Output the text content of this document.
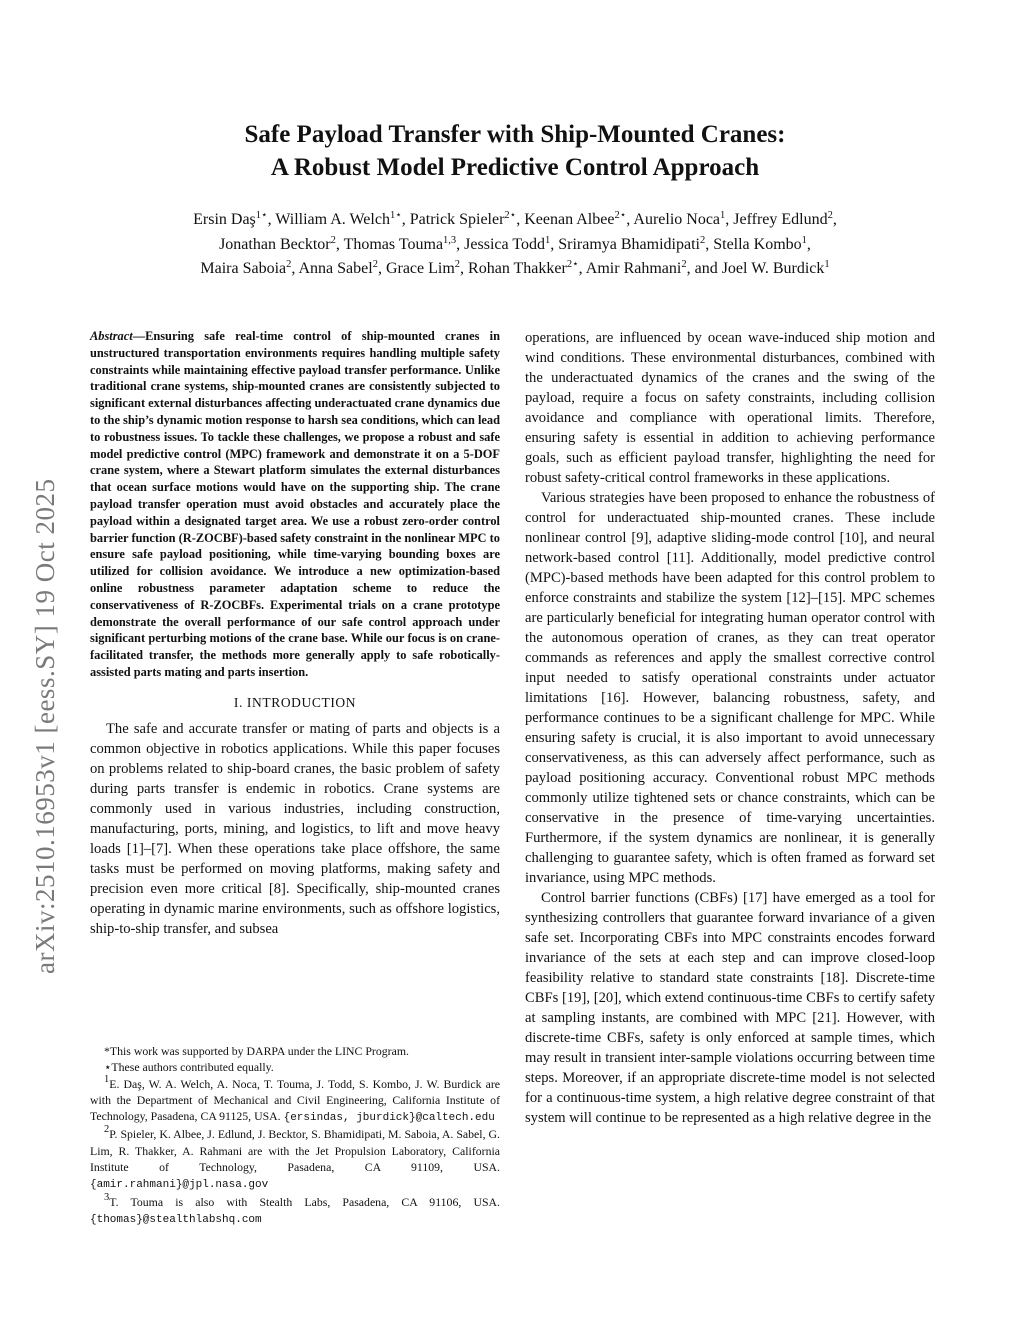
arXiv:2510.16953v1 [eess.SY] 19 Oct 2025
Safe Payload Transfer with Ship-Mounted Cranes:
A Robust Model Predictive Control Approach
Ersin Daş$^{1⋆}$, William A. Welch$^{1⋆}$, Patrick Spieler$^{2⋆}$, Keenan Albee$^{2⋆}$, Aurelio Noca$^1$, Jeffrey Edlund$^2$,
Jonathan Becktor$^2$, Thomas Touma$^{1,3}$, Jessica Todd$^1$, Sriramya Bhamidipati$^2$, Stella Kombo$^1$,
Maira Saboia$^2$, Anna Sabel$^2$, Grace Lim$^2$, Rohan Thakker$^{2⋆}$, Amir Rahmani$^2$, and Joel W. Burdick$^1$
Abstract—Ensuring safe real-time control of ship-mounted cranes in unstructured transportation environments requires handling multiple safety constraints while maintaining effective payload transfer performance. Unlike traditional crane systems, ship-mounted cranes are consistently subjected to significant external disturbances affecting underactuated crane dynamics due to the ship’s dynamic motion response to harsh sea conditions, which can lead to robustness issues. To tackle these challenges, we propose a robust and safe model predictive control (MPC) framework and demonstrate it on a 5-DOF crane system, where a Stewart platform simulates the external disturbances that ocean surface motions would have on the supporting ship. The crane payload transfer operation must avoid obstacles and accurately place the payload within a designated target area. We use a robust zero-order control barrier function (R-ZOCBF)-based safety constraint in the nonlinear MPC to ensure safe payload positioning, while time-varying bounding boxes are utilized for collision avoidance. We introduce a new optimization-based online robustness parameter adaptation scheme to reduce the conservativeness of R-ZOCBFs. Experimental trials on a crane prototype demonstrate the overall performance of our safe control approach under significant perturbing motions of the crane base. While our focus is on crane-facilitated transfer, the methods more generally apply to safe robotically-assisted parts mating and parts insertion.
I. INTRODUCTION

The safe and accurate transfer or mating of parts and objects is a common objective in robotics applications. While this paper focuses on problems related to ship-board cranes, the basic problem of safety during parts transfer is endemic in robotics. Crane systems are commonly used in various industries, including construction, manufacturing, ports, mining, and logistics, to lift and move heavy loads [1]–[7]. When these operations take place offshore, the same tasks must be performed on moving platforms, making safety and precision even more critical [8]. Specifically, ship-mounted cranes operating in dynamic marine environments, such as offshore logistics, ship-to-ship transfer, and subsea

*This work was supported by DARPA under the LINC Program.

⋆These authors contributed equally.

$^1$E. Daş, W. A. Welch, A. Noca, T. Touma, J. Todd, S. Kombo, J. W. Burdick are with the Department of Mechanical and Civil Engineering, California Institute of Technology, Pasadena, CA 91125, USA. {ersindas, jburdick}@caltech.edu

$^2$P. Spieler, K. Albee, J. Edlund, J. Becktor, S. Bhamidipati, M. Saboia, A. Sabel, G. Lim, R. Thakker, A. Rahmani are with the Jet Propulsion Laboratory, California Institute of Technology, Pasadena, CA 91109, USA. {amir.rahmani}@jpl.nasa.gov

$^3$T. Touma is also with Stealth Labs, Pasadena, CA 91106, USA. {thomas}@stealthlabshq.com

operations, are influenced by ocean wave-induced ship motion and wind conditions. These environmental disturbances, combined with the underactuated dynamics of the cranes and the swing of the payload, require a focus on safety constraints, including collision avoidance and compliance with operational limits. Therefore, ensuring safety is essential in addition to achieving performance goals, such as efficient payload transfer, highlighting the need for robust safety-critical control frameworks in these applications.

Various strategies have been proposed to enhance the robustness of control for underactuated ship-mounted cranes. These include nonlinear control [9], adaptive sliding-mode control [10], and neural network-based control [11]. Additionally, model predictive control (MPC)-based methods have been adapted for this control problem to enforce constraints and stabilize the system [12]–[15]. MPC schemes are particularly beneficial for integrating human operator control with the autonomous operation of cranes, as they can treat operator commands as references and apply the smallest corrective control input needed to satisfy operational constraints under actuator limitations [16]. However, balancing robustness, safety, and performance continues to be a significant challenge for MPC. While ensuring safety is crucial, it is also important to avoid unnecessary conservativeness, as this can adversely affect performance, such as payload positioning accuracy. Conventional robust MPC methods commonly utilize tightened sets or chance constraints, which can be conservative in the presence of time-varying uncertainties. Furthermore, if the system dynamics are nonlinear, it is generally challenging to guarantee safety, which is often framed as forward set invariance, using MPC methods.

Control barrier functions (CBFs) [17] have emerged as a tool for synthesizing controllers that guarantee forward invariance of a given safe set. Incorporating CBFs into MPC constraints encodes forward invariance of the sets at each step and can improve closed-loop feasibility relative to standard state constraints [18]. Discrete-time CBFs [19], [20], which extend continuous-time CBFs to certify safety at sampling instants, are combined with MPC [21]. However, with discrete-time CBFs, safety is only enforced at sample times, which may result in transient inter-sample violations occurring between time steps. Moreover, if an appropriate discrete-time model is not selected for a continuous-time system, a high relative degree constraint of that system will continue to be represented as a high relative degree in the
